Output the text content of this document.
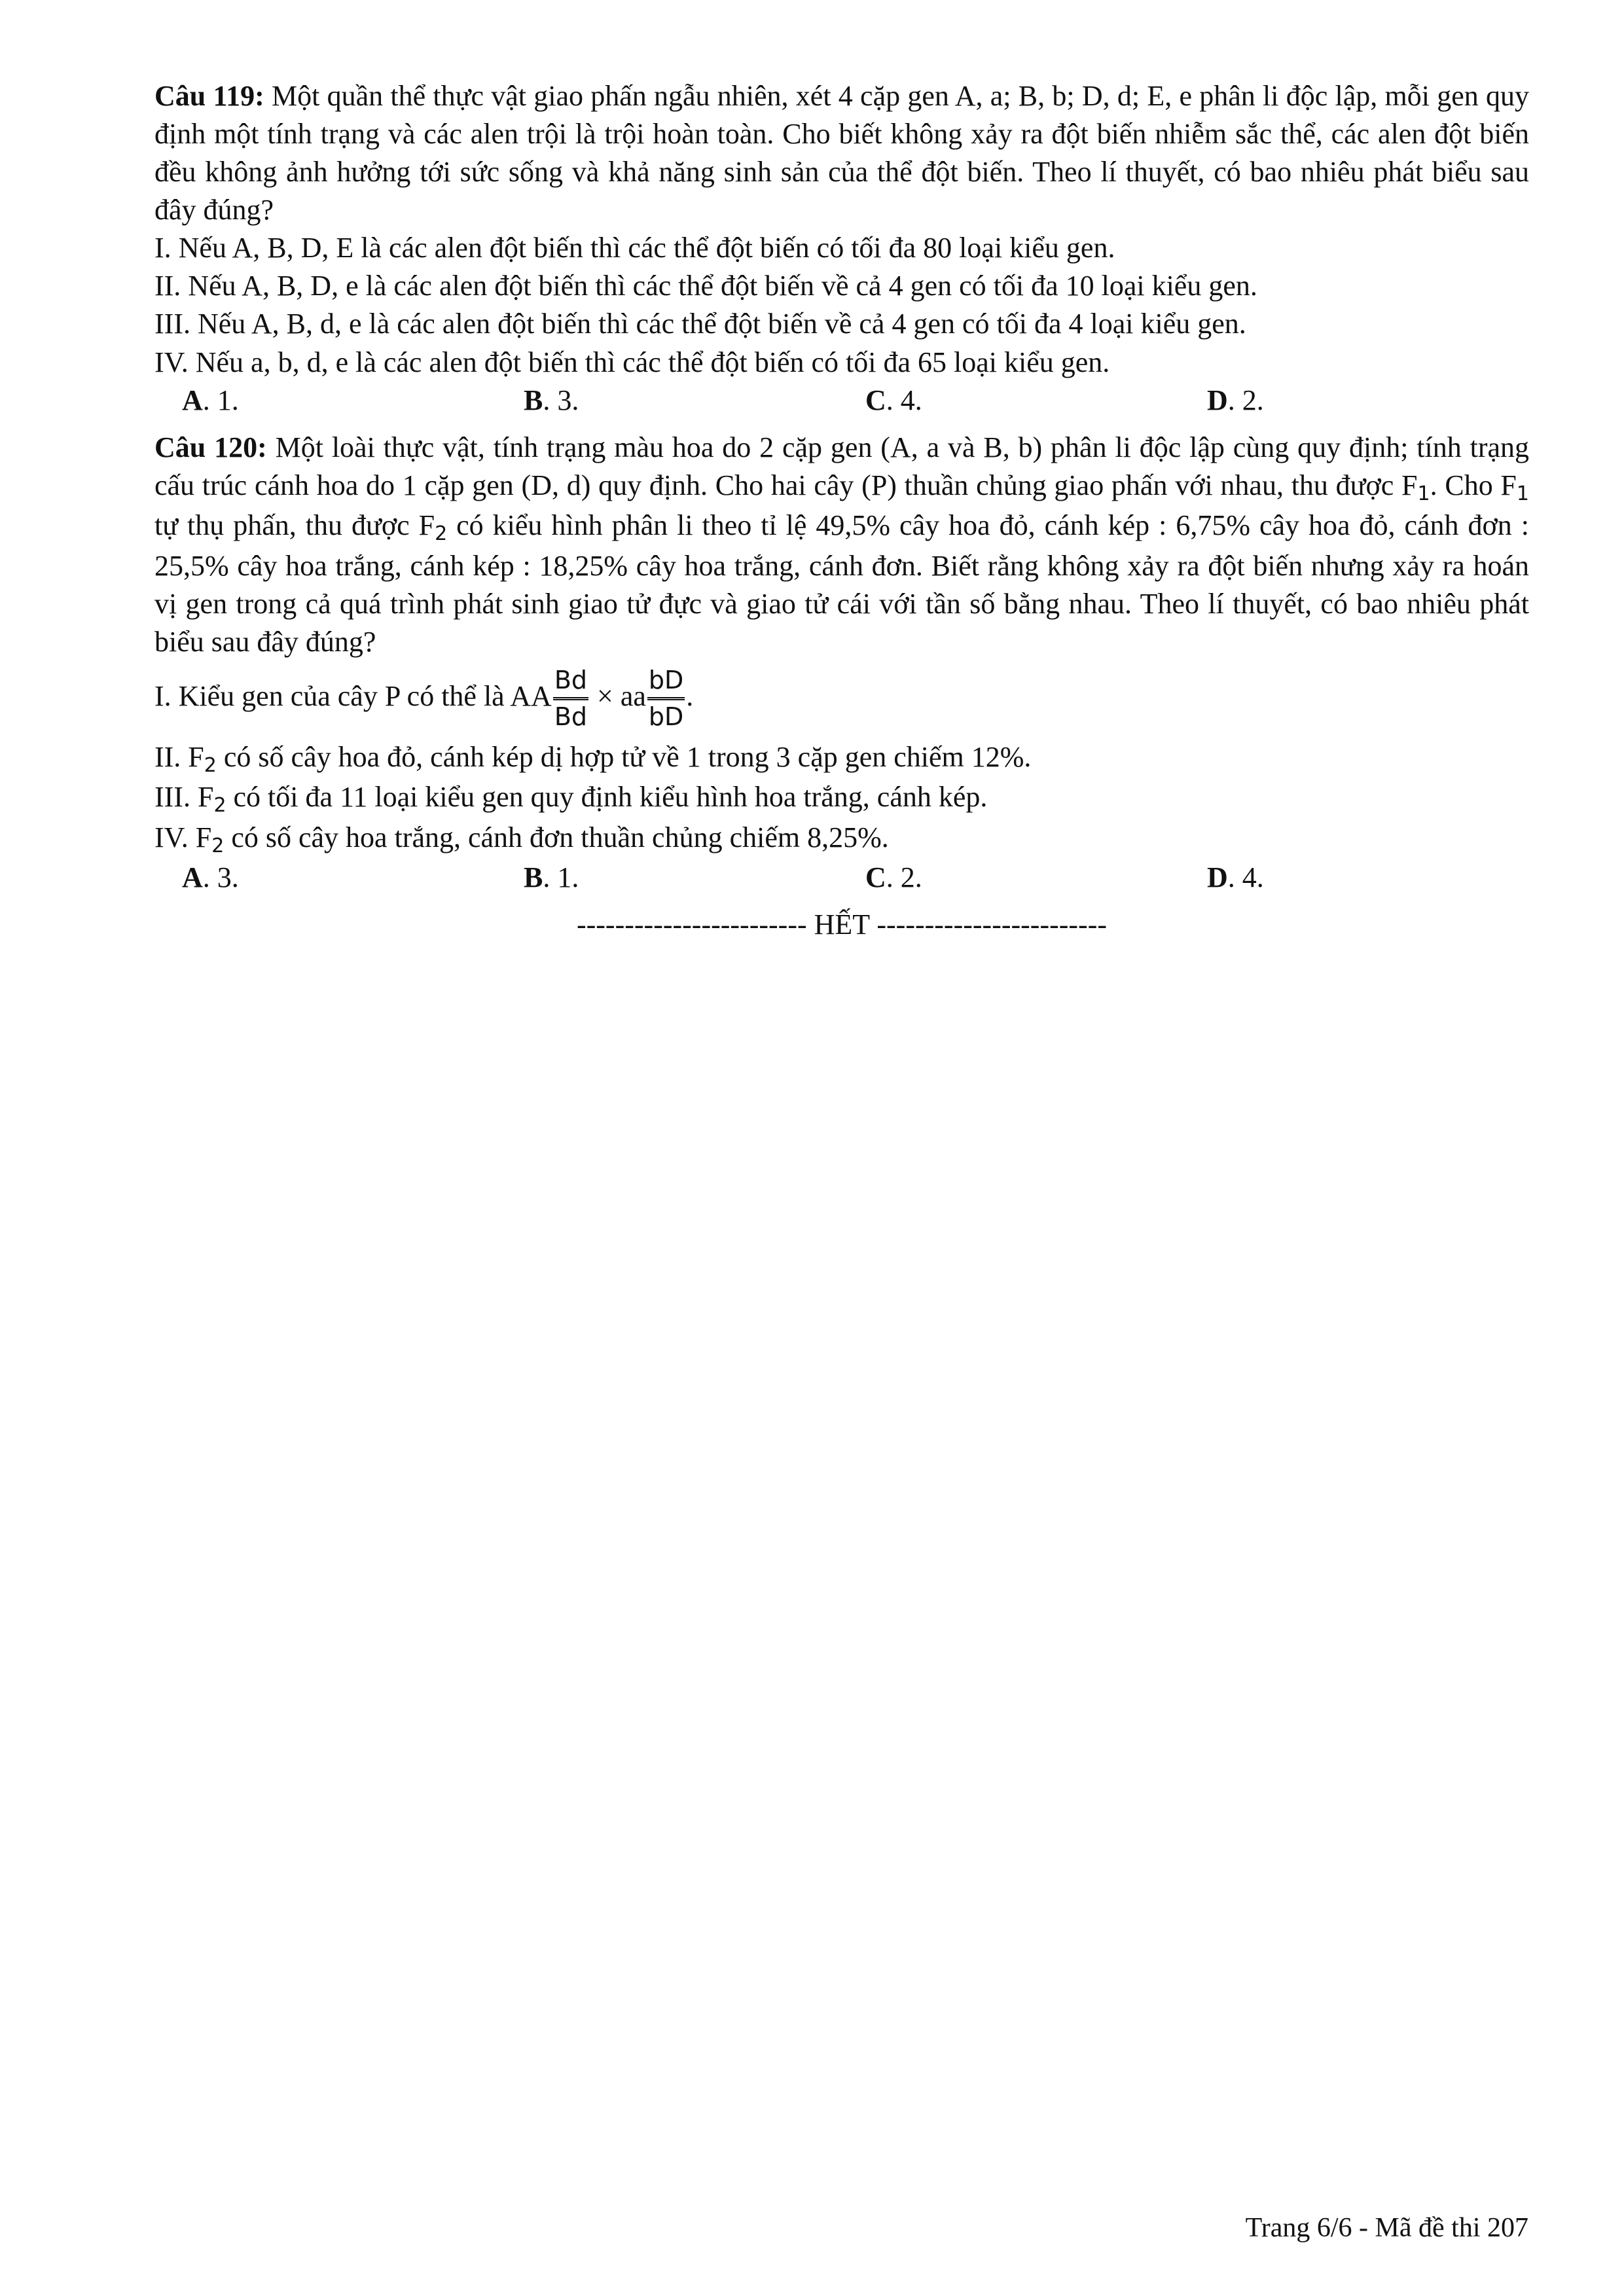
Câu 119: Một quần thể thực vật giao phấn ngẫu nhiên, xét 4 cặp gen A, a; B, b; D, d; E, e phân li độc lập, mỗi gen quy định một tính trạng và các alen trội là trội hoàn toàn. Cho biết không xảy ra đột biến nhiễm sắc thể, các alen đột biến đều không ảnh hưởng tới sức sống và khả năng sinh sản của thể đột biến. Theo lí thuyết, có bao nhiêu phát biểu sau đây đúng?

I. Nếu A, B, D, E là các alen đột biến thì các thể đột biến có tối đa 80 loại kiểu gen.

II. Nếu A, B, D, e là các alen đột biến thì các thể đột biến về cả 4 gen có tối đa 10 loại kiểu gen.

III. Nếu A, B, d, e là các alen đột biến thì các thể đột biến về cả 4 gen có tối đa 4 loại kiểu gen.

IV. Nếu a, b, d, e là các alen đột biến thì các thể đột biến có tối đa 65 loại kiểu gen.

A. 1.	B. 3.	C. 4.	D. 2.

Câu 120: Một loài thực vật, tính trạng màu hoa do 2 cặp gen (A, a và B, b) phân li độc lập cùng quy định; tính trạng cấu trúc cánh hoa do 1 cặp gen (D, d) quy định. Cho hai cây (P) thuần chủng giao phấn với nhau, thu được $F_1$. Cho $F_1$ tự thụ phấn, thu được $F_2$ có kiểu hình phân li theo tỉ lệ 49,5% cây hoa đỏ, cánh kép : 6,75% cây hoa đỏ, cánh đơn : 25,5% cây hoa trắng, cánh kép : 18,25% cây hoa trắng, cánh đơn. Biết rằng không xảy ra đột biến nhưng xảy ra hoán vị gen trong cả quá trình phát sinh giao tử đực và giao tử cái với tần số bằng nhau. Theo lí thuyết, có bao nhiêu phát biểu sau đây đúng?

I. Kiểu gen của cây P có thể là AA $\frac{Bd}{Bd}$ × aa $\frac{bD}{bD}$ .

II. $F_2$ có số cây hoa đỏ, cánh kép dị hợp tử về 1 trong 3 cặp gen chiếm 12%.

III. $F_2$ có tối đa 11 loại kiểu gen quy định kiểu hình hoa trắng, cánh kép.

IV. $F_2$ có số cây hoa trắng, cánh đơn thuần chủng chiếm 8,25%.

A. 3.	B. 1.	C. 2.	D. 4.
------------------------ HẾT ------------------------
Trang 6/6 - Mã đề thi 207
